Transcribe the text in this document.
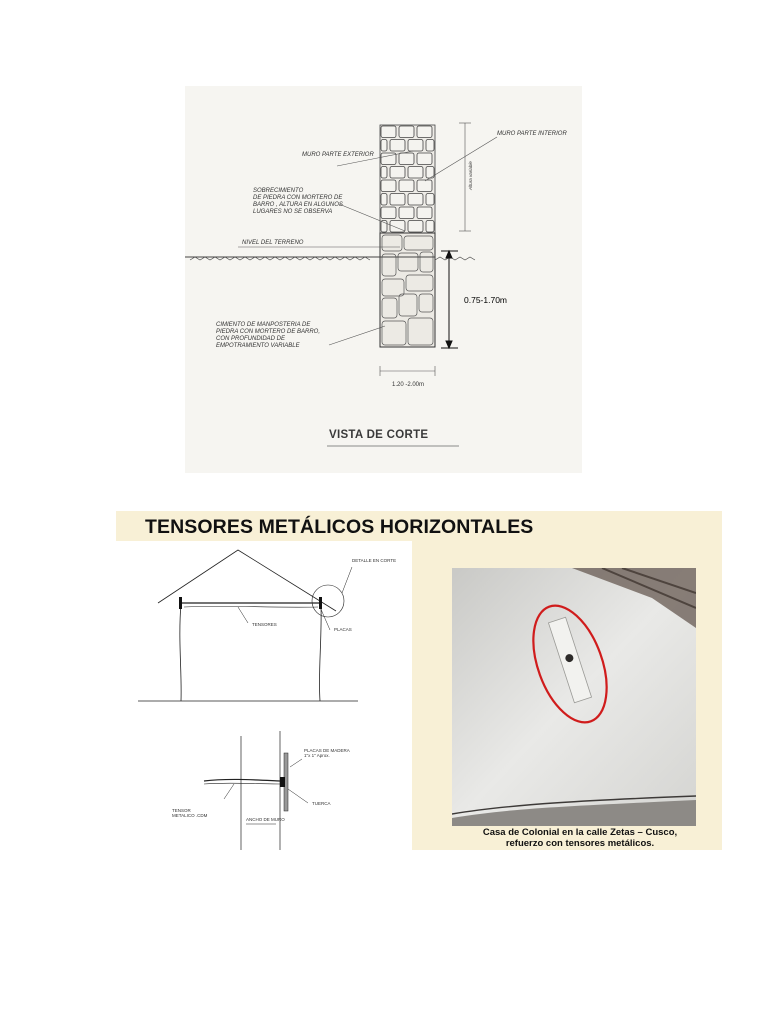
MURO PARTE INTERIOR
MURO PARTE EXTERIOR
SOBRECIMIENTO
DE PIEDRA CON MORTERO DE
BARRO , ALTURA EN ALGUNOS
LUGARES NO SE OBSERVA
NIVEL DEL TERRENO
CIMIENTO DE MANPOSTERIA DE
PIEDRA CON MORTERO DE BARRO,
CON PROFUNDIDAD DE
EMPOTRAMIENTO VARIABLE
Altura variable
0.75-1.70m
1.20 -2.00m
VISTA DE CORTE
TENSORES METÁLICOS HORIZONTALES
DETALLE EN CORTE
TENSORES
PLACAS
PLACAS DE MADERA
1"x 1" Aprox.
TUERCA
TENSOR
METALICO .CDM
ANCHO DE MURO
Casa de Colonial en la calle Zetas – Cusco,
refuerzo con tensores metálicos.
